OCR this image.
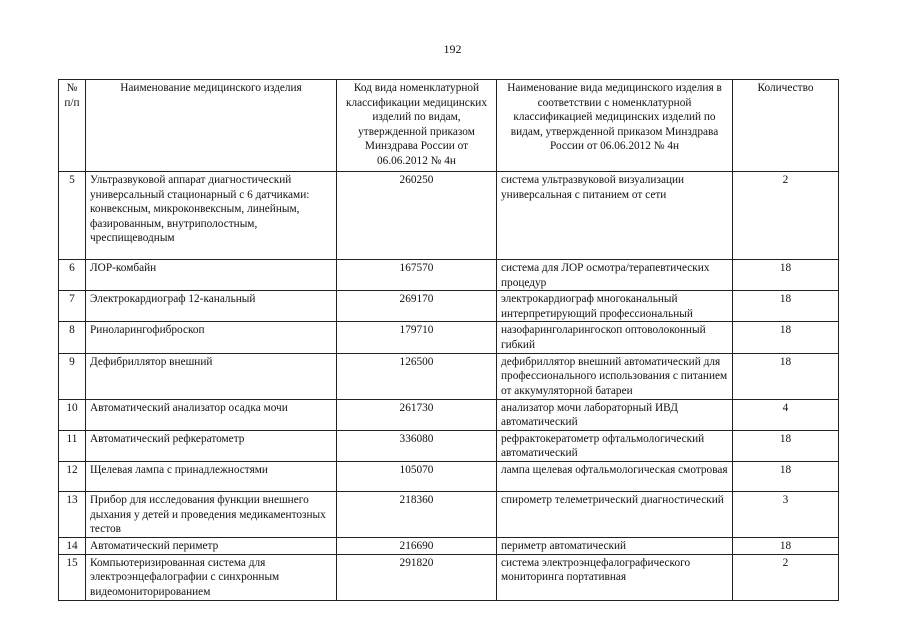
192
№ п/п	Наименование медицинского изделия	Код вида номенклатурной классификации медицинских изделий по видам, утвержденной приказом Минздрава России от 06.06.2012 № 4н	Наименование вида медицинского изделия в соответствии с номенклатурной классификацией медицинских изделий по видам, утвержденной приказом Минздрава России от 06.06.2012 № 4н	Количество
5	Ультразвуковой аппарат диагностический универсальный стационарный с 6 датчиками: конвексным, микроконвексным, линейным, фазированным, внутриполостным, чреспищеводным	260250	система ультразвуковой визуализации универсальная с питанием от сети	2
6	ЛОР-комбайн	167570	система для ЛОР осмотра/терапевтических процедур	18
7	Электрокардиограф 12-канальный	269170	электрокардиограф многоканальный интерпретирующий профессиональный	18
8	Риноларингофиброскоп	179710	назофаринголарингоскоп оптоволоконный гибкий	18
9	Дефибриллятор внешний	126500	дефибриллятор внешний автоматический для профессионального использования с питанием от аккумуляторной батареи	18
10	Автоматический анализатор осадка мочи	261730	анализатор мочи лабораторный ИВД автоматический	4
11	Автоматический рефкератометр	336080	рефрактокератометр офтальмологический автоматический	18
12	Щелевая лампа с принадлежностями	105070	лампа щелевая офтальмологическая смотровая	18
13	Прибор для исследования функции внешнего дыхания у детей и проведения медикаментозных тестов	218360	спирометр телеметрический диагностический	3
14	Автоматический периметр	216690	периметр автоматический	18
15	Компьютеризированная система для электроэнцефалографии с синхронным видеомониторированием	291820	система электроэнцефалографического мониторинга портативная	2
